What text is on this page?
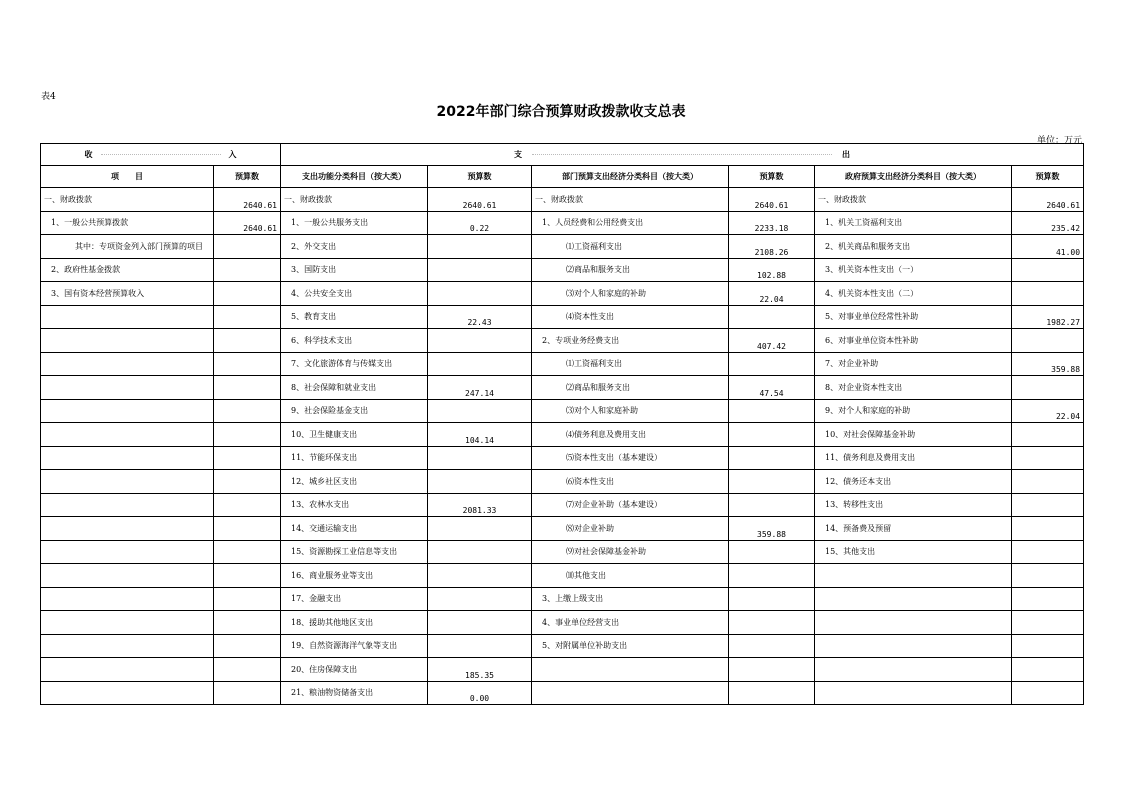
表4
2022年部门综合预算财政拨款收支总表
单位：万元
收 入		支 出					
项　　目	预算数	支出功能分类科目（按大类）	预算数	部门预算支出经济分类科目（按大类）	预算数	政府预算支出经济分类科目（按大类）	预算数
一、财政拨款	2640.61	一、财政拨款	2640.61	一、财政拨款	2640.61	一、财政拨款	2640.61
1、一般公共预算拨款	2640.61	1、一般公共服务支出	0.22	1、人员经费和公用经费支出	2233.18	1、机关工资福利支出	235.42
其中：专项资金列入部门预算的项目		2、外交支出		⑴工资福利支出	2108.26	2、机关商品和服务支出	41.00
2、政府性基金拨款		3、国防支出		⑵商品和服务支出	102.88	3、机关资本性支出（一）	
3、国有资本经营预算收入		4、公共安全支出		⑶对个人和家庭的补助	22.04	4、机关资本性支出（二）	
		5、教育支出	22.43	⑷资本性支出		5、对事业单位经常性补助	1982.27
		6、科学技术支出		2、专项业务经费支出	407.42	6、对事业单位资本性补助	
		7、文化旅游体育与传媒支出		⑴工资福利支出		7、对企业补助	359.88
		8、社会保障和就业支出	247.14	⑵商品和服务支出	47.54	8、对企业资本性支出	
		9、社会保险基金支出		⑶对个人和家庭补助		9、对个人和家庭的补助	22.04
		10、卫生健康支出	104.14	⑷债务利息及费用支出		10、对社会保障基金补助	
		11、节能环保支出		⑸资本性支出（基本建设）		11、债务利息及费用支出	
		12、城乡社区支出		⑹资本性支出		12、债务还本支出	
		13、农林水支出	2081.33	⑺对企业补助（基本建设）		13、转移性支出	
		14、交通运输支出		⑻对企业补助	359.88	14、预备费及预留	
		15、资源勘探工业信息等支出		⑼对社会保障基金补助		15、其他支出	
		16、商业服务业等支出		⑽其他支出			
		17、金融支出		3、上缴上级支出			
		18、援助其他地区支出		4、事业单位经营支出			
		19、自然资源海洋气象等支出		5、对附属单位补助支出			
		20、住房保障支出	185.35				
		21、粮油物资储备支出	0.00				
